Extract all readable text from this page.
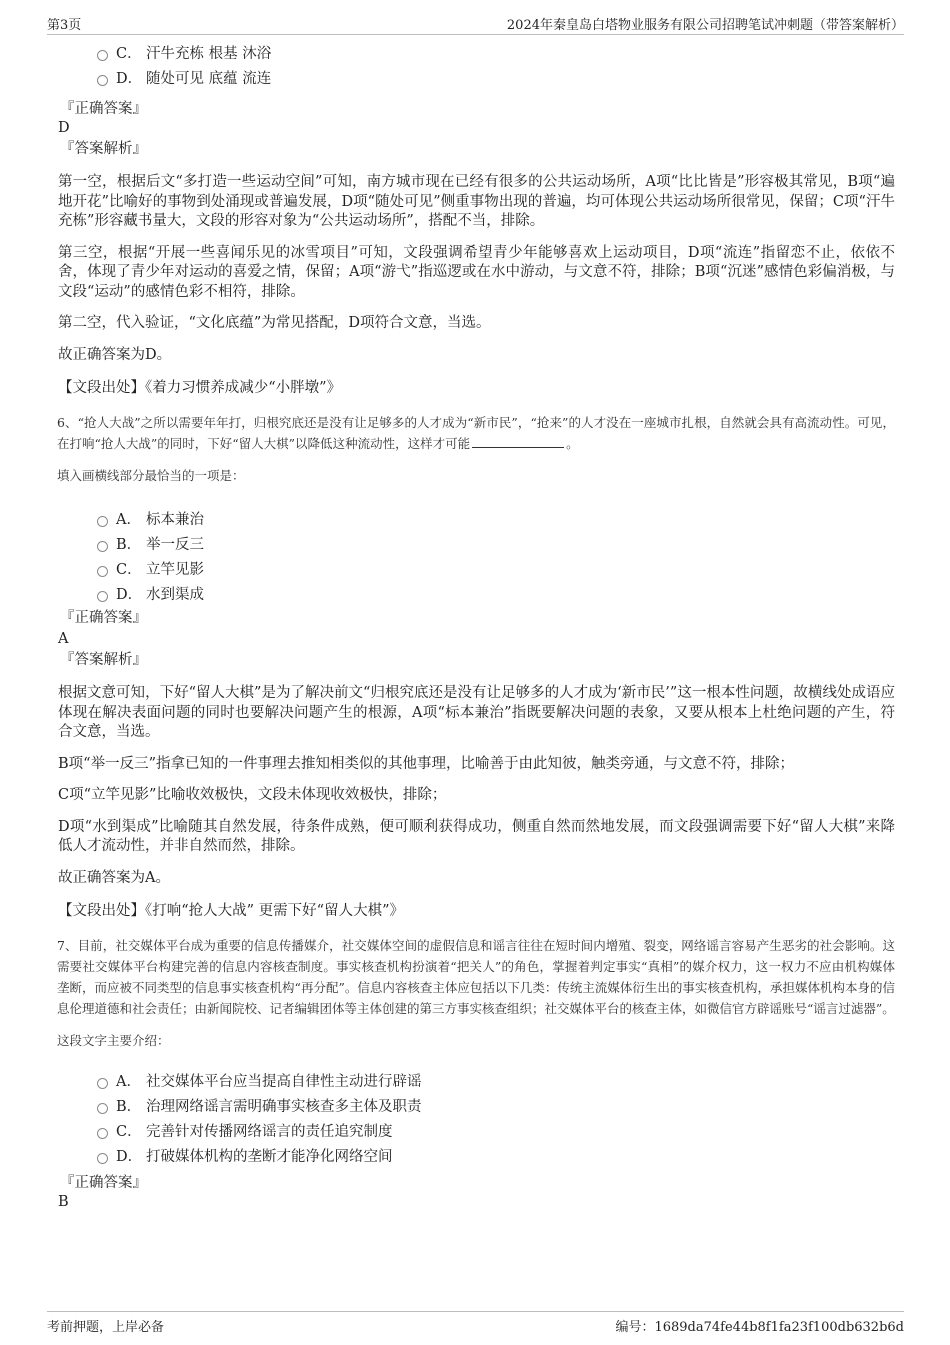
第3页	2024年秦皇岛白塔物业服务有限公司招聘笔试冲刺题（带答案解析）
C． 汗牛充栋 根基 沐浴
D． 随处可见 底蕴 流连
『正确答案』
D
『答案解析』
第一空，根据后文“多打造一些运动空间”可知，南方城市现在已经有很多的公共运动场所，A项“比比皆是”形容极其常见，B项“遍地开花”比喻好的事物到处涌现或普遍发展，D项“随处可见”侧重事物出现的普遍，均可体现公共运动场所很常见，保留；C项“汗牛充栋”形容藏书量大，文段的形容对象为“公共运动场所”，搭配不当，排除。
第三空，根据“开展一些喜闻乐见的冰雪项目”可知，文段强调希望青少年能够喜欢上运动项目，D项“流连”指留恋不止，依依不舍，体现了青少年对运动的喜爱之情，保留；A项“游弋”指巡逻或在水中游动，与文意不符，排除；B项“沉迷”感情色彩偏消极，与文段“运动”的感情色彩不相符，排除。
第二空，代入验证，“文化底蕴”为常见搭配，D项符合文意，当选。
故正确答案为D。
【文段出处】《着力习惯养成减少“小胖墩”》
6、“抢人大战”之所以需要年年打，归根究底还是没有让足够多的人才成为“新市民”，“抢来”的人才没在一座城市扎根，自然就会具有高流动性。可见，在打响“抢人大战”的同时，下好“留人大棋”以降低这种流动性，这样才可能	。
填入画横线部分最恰当的一项是：
A． 标本兼治
B． 举一反三
C． 立竿见影
D． 水到渠成
『正确答案』
A
『答案解析』
根据文意可知，下好“留人大棋”是为了解决前文“归根究底还是没有让足够多的人才成为‘新市民’”这一根本性问题，故横线处成语应体现在解决表面问题的同时也要解决问题产生的根源，A项“标本兼治”指既要解决问题的表象，又要从根本上杜绝问题的产生，符合文意，当选。
B项“举一反三”指拿已知的一件事理去推知相类似的其他事理，比喻善于由此知彼，触类旁通，与文意不符，排除；
C项“立竿见影”比喻收效极快，文段未体现收效极快，排除；
D项“水到渠成”比喻随其自然发展，待条件成熟，便可顺利获得成功，侧重自然而然地发展，而文段强调需要下好“留人大棋”来降低人才流动性，并非自然而然，排除。
故正确答案为A。
【文段出处】《打响“抢人大战” 更需下好“留人大棋”》
7、目前，社交媒体平台成为重要的信息传播媒介，社交媒体空间的虚假信息和谣言往往在短时间内增殖、裂变，网络谣言容易产生恶劣的社会影响。这需要社交媒体平台构建完善的信息内容核查制度。事实核查机构扮演着“把关人”的角色，掌握着判定事实“真相”的媒介权力，这一权力不应由机构媒体垄断，而应被不同类型的信息事实核查机构“再分配”。信息内容核查主体应包括以下几类：传统主流媒体衍生出的事实核查机构，承担媒体机构本身的信息伦理道德和社会责任；由新闻院校、记者编辑团体等主体创建的第三方事实核查组织；社交媒体平台的核查主体，如微信官方辟谣账号“谣言过滤器”。
这段文字主要介绍：
A． 社交媒体平台应当提高自律性主动进行辟谣
B． 治理网络谣言需明确事实核查多主体及职责
C． 完善针对传播网络谣言的责任追究制度
D． 打破媒体机构的垄断才能净化网络空间
『正确答案』
B
考前押题，上岸必备	编号：1689da74fe44b8f1fa23f100db632b6d
